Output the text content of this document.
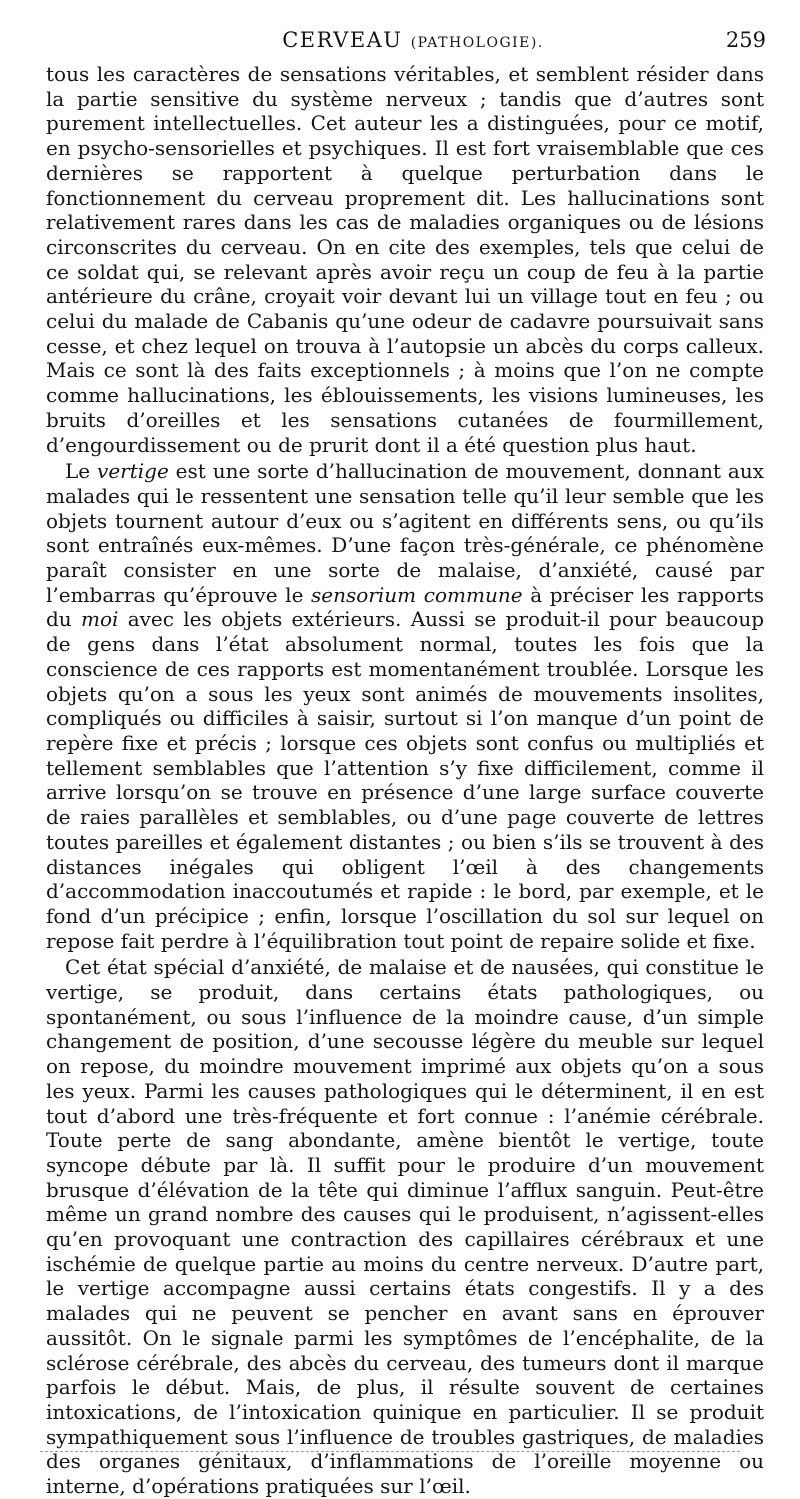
CERVEAU (PATHOLOGIE).	259

tous les caractères de sensations véritables, et semblent résider dans la partie sensitive du système nerveux ; tandis que d’autres sont purement intellectuelles. Cet auteur les a distinguées, pour ce motif, en psycho-sensorielles et psychiques. Il est fort vraisemblable que ces dernières se rapportent à quelque perturbation dans le fonctionnement du cerveau proprement dit. Les hallucinations sont relativement rares dans les cas de maladies organiques ou de lésions circonscrites du cerveau. On en cite des exemples, tels que celui de ce soldat qui, se relevant après avoir reçu un coup de feu à la partie antérieure du crâne, croyait voir devant lui un village tout en feu ; ou celui du malade de Cabanis qu’une odeur de cadavre poursuivait sans cesse, et chez lequel on trouva à l’autopsie un abcès du corps calleux. Mais ce sont là des faits exceptionnels ; à moins que l’on ne compte comme hallucinations, les éblouissements, les visions lumineuses, les bruits d’oreilles et les sensations cutanées de fourmillement, d’engourdissement ou de prurit dont il a été question plus haut.

Le vertige est une sorte d’hallucination de mouvement, donnant aux malades qui le ressentent une sensation telle qu’il leur semble que les objets tournent autour d’eux ou s’agitent en différents sens, ou qu’ils sont entraînés eux-mêmes. D’une façon très-générale, ce phénomène paraît consister en une sorte de malaise, d’anxiété, causé par l’embarras qu’éprouve le sensorium commune à préciser les rapports du moi avec les objets extérieurs. Aussi se produit-il pour beaucoup de gens dans l’état absolument normal, toutes les fois que la conscience de ces rapports est momentanément troublée. Lorsque les objets qu’on a sous les yeux sont animés de mouvements insolites, compliqués ou difficiles à saisir, surtout si l’on manque d’un point de repère fixe et précis ; lorsque ces objets sont confus ou multipliés et tellement semblables que l’attention s’y fixe difficilement, comme il arrive lorsqu’on se trouve en présence d’une large surface couverte de raies parallèles et semblables, ou d’une page couverte de lettres toutes pareilles et également distantes ; ou bien s’ils se trouvent à des distances inégales qui obligent l’œil à des changements d’accommodation inaccoutumés et rapide : le bord, par exemple, et le fond d’un précipice ; enfin, lorsque l’oscillation du sol sur lequel on repose fait perdre à l’équilibration tout point de repaire solide et fixe.

Cet état spécial d’anxiété, de malaise et de nausées, qui constitue le vertige, se produit, dans certains états pathologiques, ou spontanément, ou sous l’influence de la moindre cause, d’un simple changement de position, d’une secousse légère du meuble sur lequel on repose, du moindre mouvement imprimé aux objets qu’on a sous les yeux. Parmi les causes pathologiques qui le déterminent, il en est tout d’abord une très-fréquente et fort connue : l’anémie cérébrale. Toute perte de sang abondante, amène bientôt le vertige, toute syncope débute par là. Il suffit pour le produire d’un mouvement brusque d’élévation de la tête qui diminue l’afflux sanguin. Peut-être même un grand nombre des causes qui le produisent, n’agissent-elles qu’en provoquant une contraction des capillaires cérébraux et une ischémie de quelque partie au moins du centre nerveux. D’autre part, le vertige accompagne aussi certains états congestifs. Il y a des malades qui ne peuvent se pencher en avant sans en éprouver aussitôt. On le signale parmi les symptômes de l’encéphalite, de la sclérose cérébrale, des abcès du cerveau, des tumeurs dont il marque parfois le début. Mais, de plus, il résulte souvent de certaines intoxications, de l’intoxication quinique en particulier. Il se produit sympathiquement sous l’influence de troubles gastriques, de maladies des organes génitaux, d’inflammations de l’oreille moyenne ou interne, d’opérations pratiquées sur l’œil.
